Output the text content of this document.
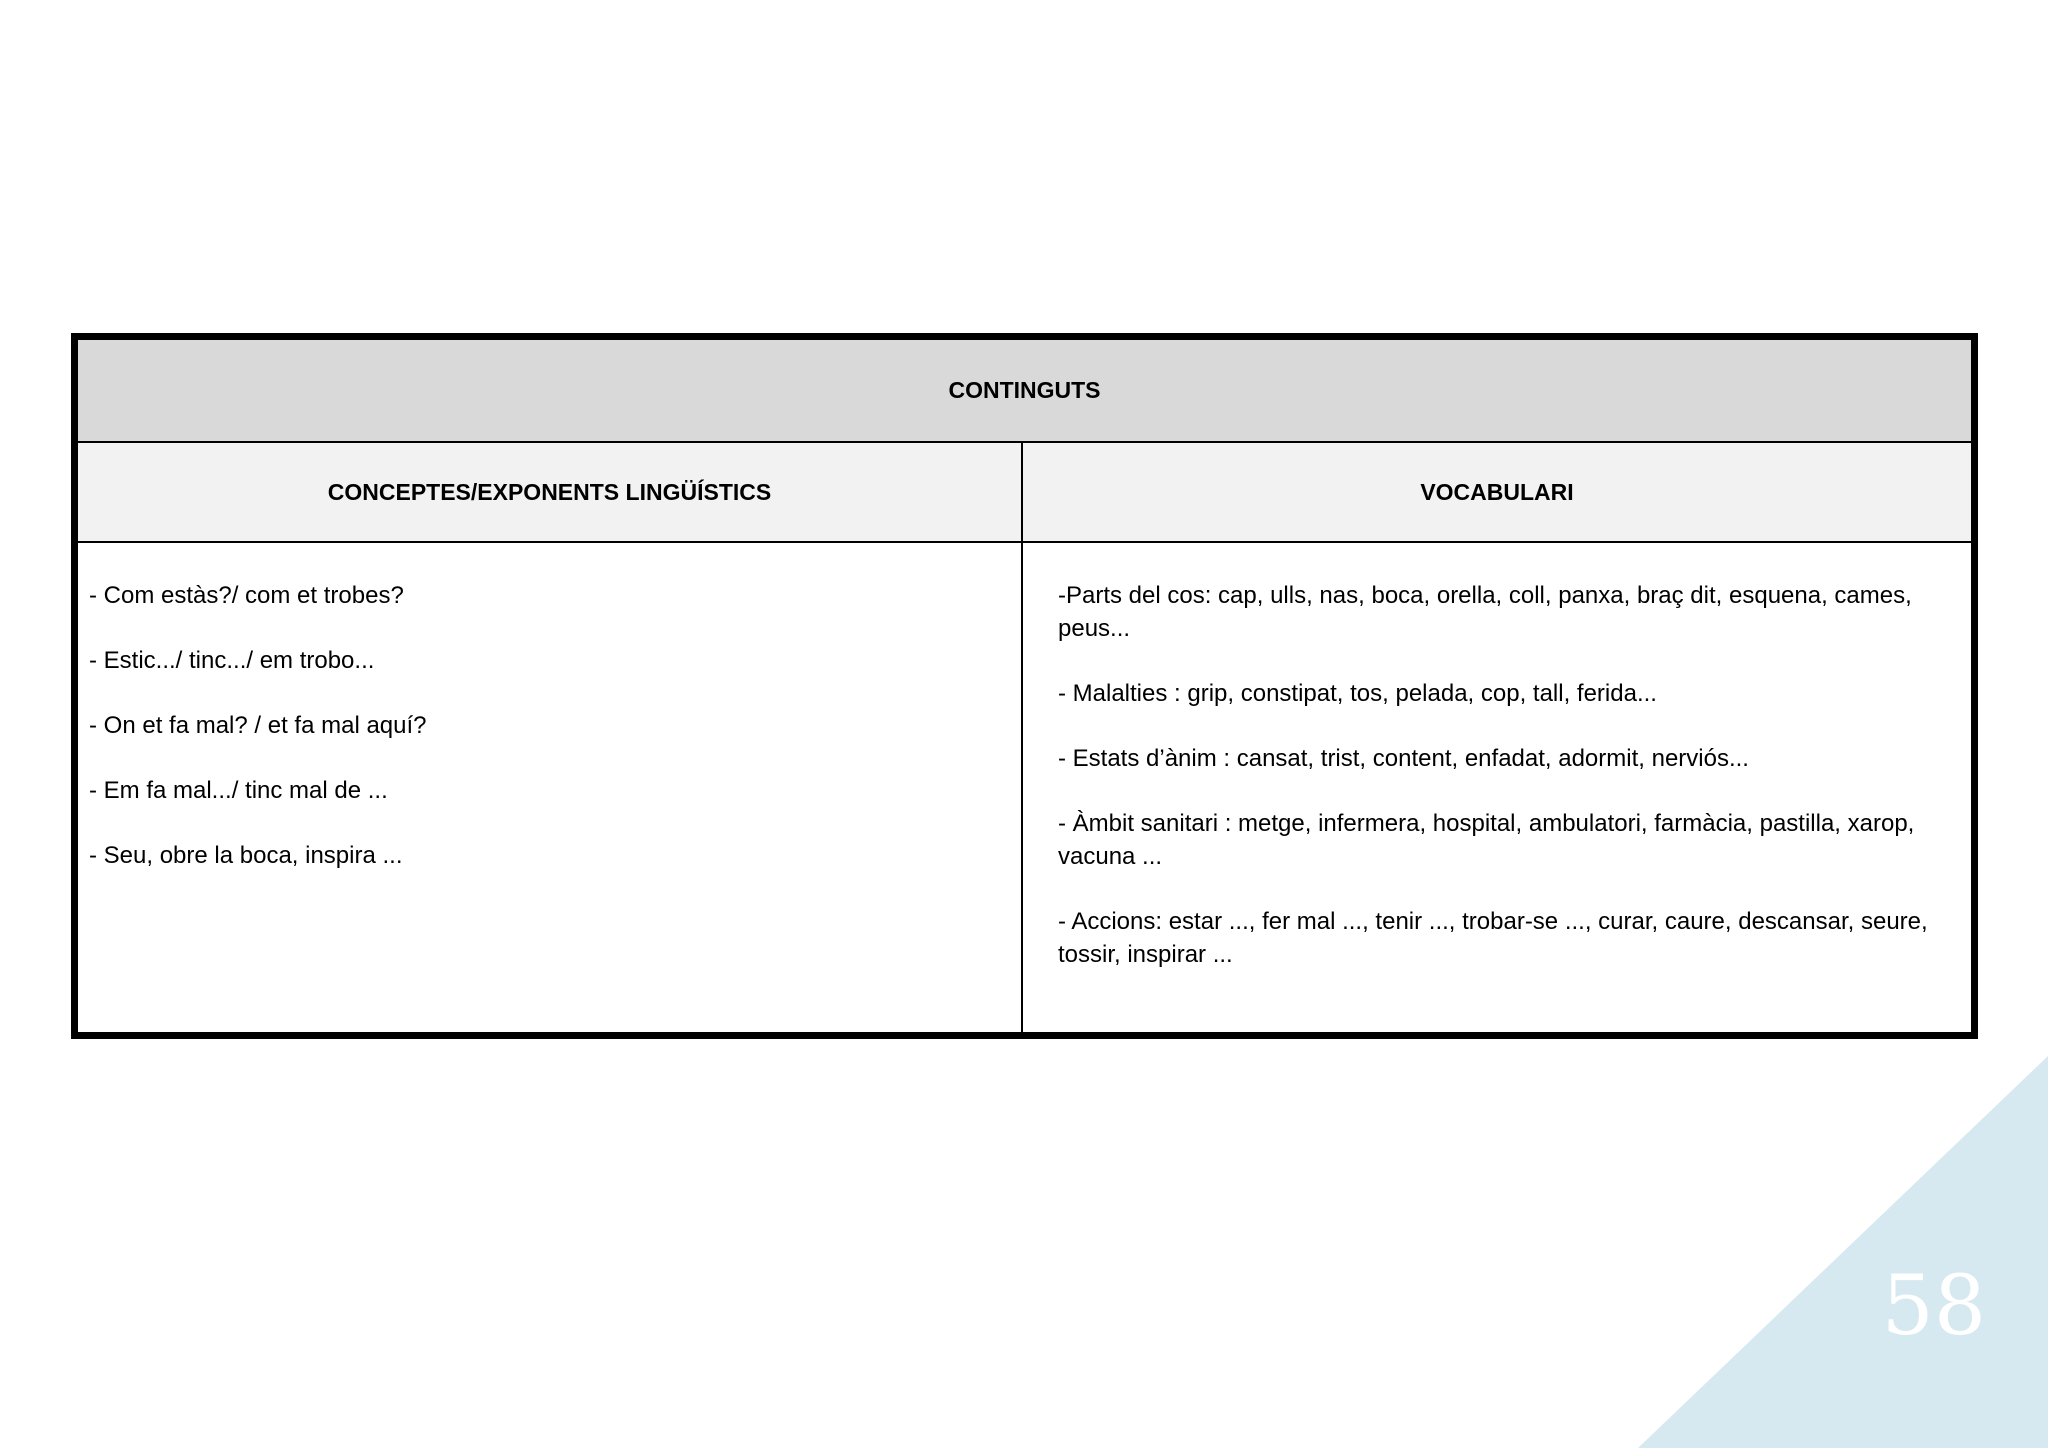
CONTINGUTS
CONCEPTES/EXPONENTS LINGÜÍSTICS	VOCABULARI

- Com estàs?/ com et trobes?

- Estic.../ tinc.../ em trobo...

- On et fa mal? / et fa mal aquí?

- Em fa mal.../ tinc mal de ...

- Seu, obre la boca, inspira ...

-Parts del cos: cap, ulls, nas, boca, orella, coll, panxa, braç dit, esquena, cames, peus...

- Malalties : grip, constipat, tos, pelada, cop, tall, ferida...

- Estats d’ànim : cansat, trist, content, enfadat, adormit, nerviós...

- Àmbit sanitari : metge, infermera, hospital, ambulatori, farmàcia, pastilla, xarop, vacuna ...

- Accions: estar ..., fer mal ..., tenir ..., trobar-se ..., curar, caure, descansar, seure, tossir, inspirar ...

58
